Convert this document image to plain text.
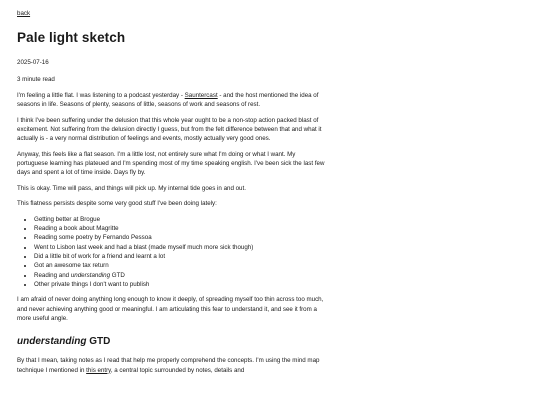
back
Pale light sketch
2025-07-16
3 minute read

I'm feeling a little flat. I was listening to a podcast yesterday - Sauntercast - and the host mentioned the idea of seasons in life. Seasons of plenty, seasons of little, seasons of work and seasons of rest.

I think I've been suffering under the delusion that this whole year ought to be a non-stop action packed blast of excitement. Not suffering from the delusion directly I guess, but from the felt difference between that and what it actually is - a very normal distribution of feelings and events, mostly actually very good ones.

Anyway, this feels like a flat season. I'm a little lost, not entirely sure what I'm doing or what I want. My portuguese learning has plateued and I'm spending most of my time speaking english. I've been sick the last few days and spent a lot of time inside. Days fly by.

This is okay. Time will pass, and things will pick up. My internal tide goes in and out.

This flatness persists despite some very good stuff I've been doing lately:

• Getting better at Brogue
• Reading a book about Magritte
• Reading some poetry by Fernando Pessoa
• Went to Lisbon last week and had a blast (made myself much more sick though)
• Did a little bit of work for a friend and learnt a lot
• Got an awesome tax return
• Reading and understanding GTD
• Other private things I don't want to publish

I am afraid of never doing anything long enough to know it deeply, of spreading myself too thin across too much, and never achieving anything good or meaningful. I am articulating this fear to understand it, and see it from a more useful angle.

understanding GTD

By that I mean, taking notes as I read that help me properly comprehend the concepts. I'm using the mind map technique I mentioned in this entry, a central topic surrounded by notes, details and
